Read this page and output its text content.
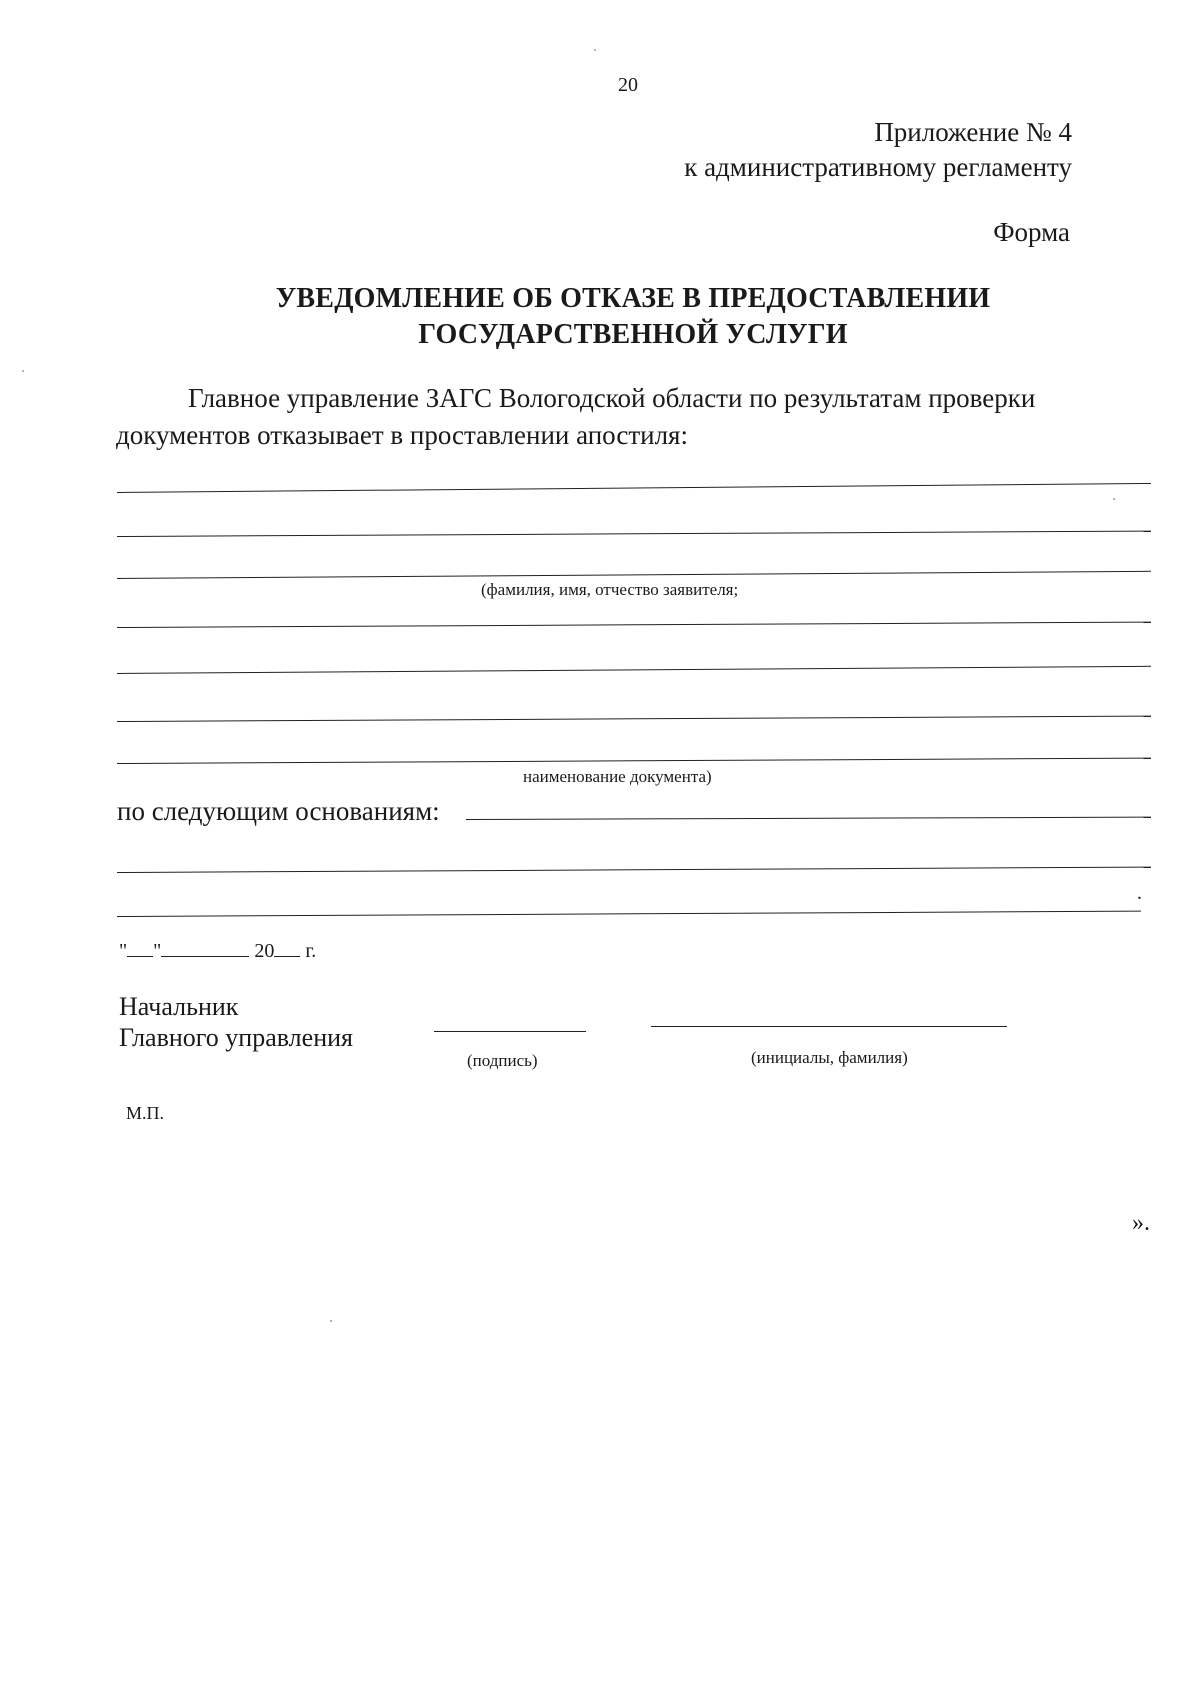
20
Приложение № 4
к административному регламенту
Форма
УВЕДОМЛЕНИЕ ОБ ОТКАЗЕ В ПРЕДОСТАВЛЕНИИ
ГОСУДАРСТВЕННОЙ УСЛУГИ
Главное управление ЗАГС Вологодской области по результатам проверки
документов отказывает в проставлении апостиля:
(фамилия, имя, отчество заявителя;
наименование документа)
по следующим основаниям:
.
" "	20 г.
Начальник
Главного управления
(подпись)	(инициалы, фамилия)
М.П.
».
